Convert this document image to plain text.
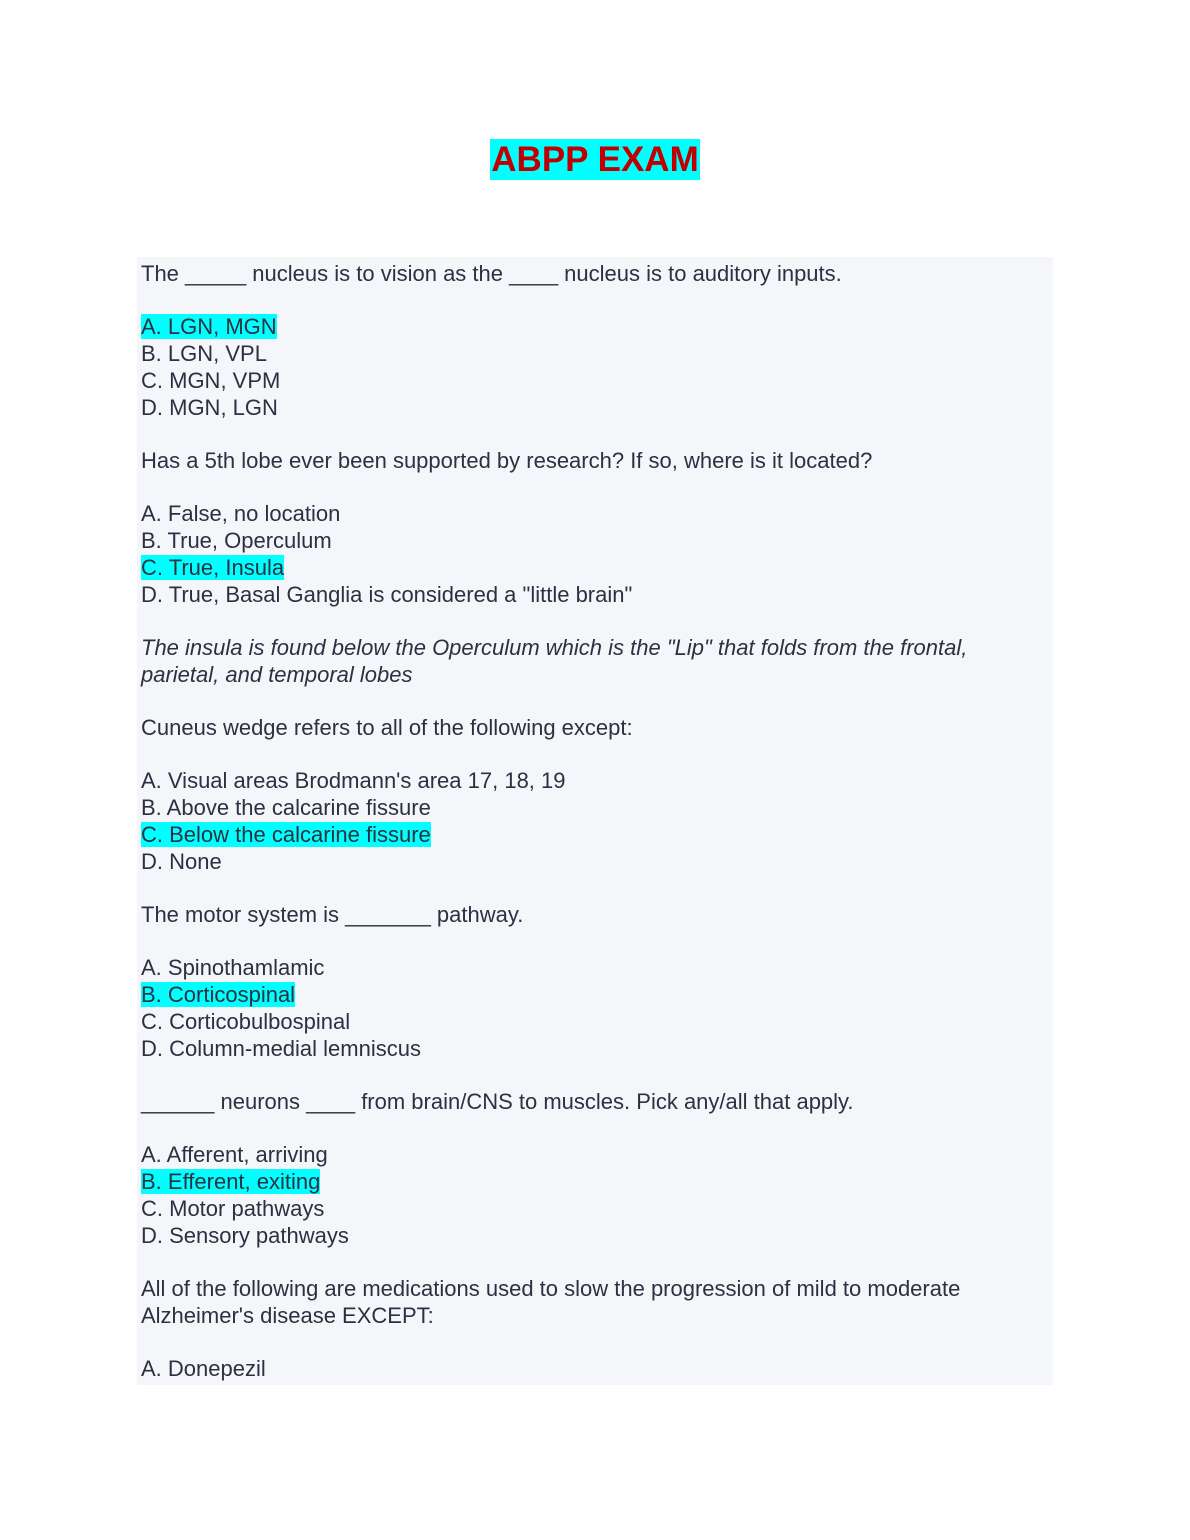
ABPP EXAM
The _____ nucleus is to vision as the ____ nucleus is to auditory inputs.
A. LGN, MGN
B. LGN, VPL
C. MGN, VPM
D. MGN, LGN
Has a 5th lobe ever been supported by research? If so, where is it located?
A. False, no location
B. True, Operculum
C. True, Insula
D. True, Basal Ganglia is considered a "little brain"
The insula is found below the Operculum which is the "Lip" that folds from the frontal, parietal, and temporal lobes
Cuneus wedge refers to all of the following except:
A. Visual areas Brodmann's area 17, 18, 19
B. Above the calcarine fissure
C. Below the calcarine fissure
D. None
The motor system is _______ pathway.
A. Spinothamlamic
B. Corticospinal
C. Corticobulbospinal
D. Column-medial lemniscus
______ neurons ____ from brain/CNS to muscles. Pick any/all that apply.
A. Afferent, arriving
B. Efferent, exiting
C. Motor pathways
D. Sensory pathways
All of the following are medications used to slow the progression of mild to moderate Alzheimer's disease EXCEPT:
A. Donepezil
